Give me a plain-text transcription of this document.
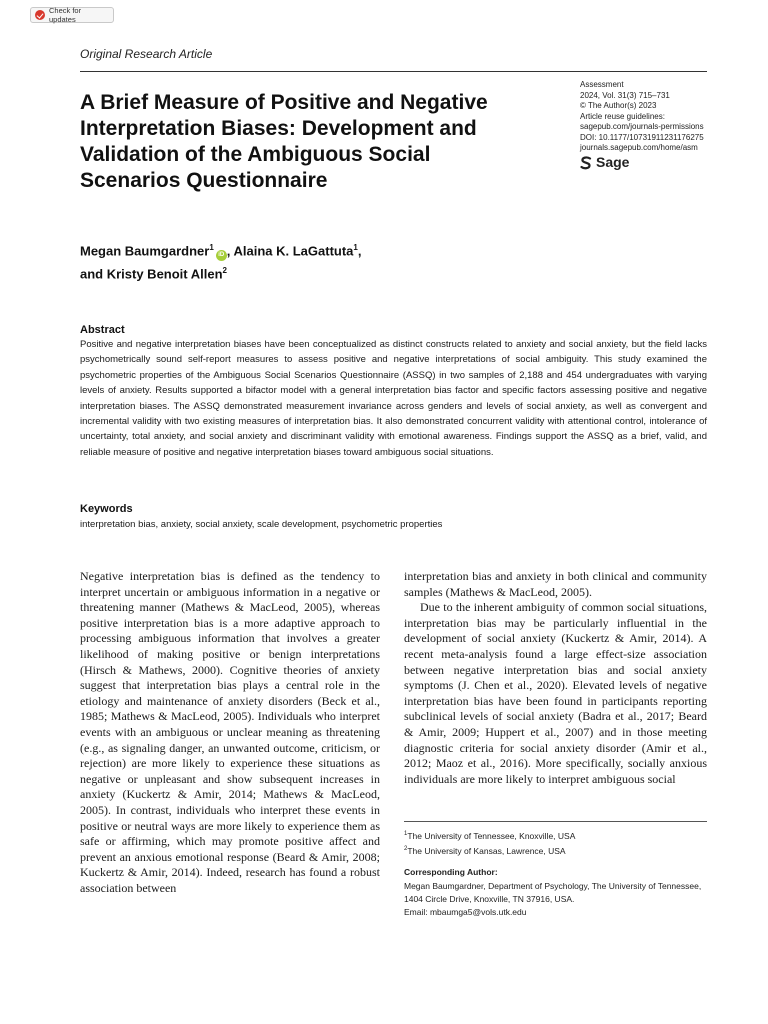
Check for updates
Original Research Article
A Brief Measure of Positive and Negative Interpretation Biases: Development and Validation of the Ambiguous Social Scenarios Questionnaire
Assessment
2024, Vol. 31(3) 715–731
© The Author(s) 2023
Article reuse guidelines:
sagepub.com/journals-permissions
DOI: 10.1177/10731911231176275
journals.sagepub.com/home/asm
Sage
Megan Baumgardner$^1$iD , Alaina K. LaGattuta$^1$,
and Kristy Benoit Allen$^2$
Abstract

Positive and negative interpretation biases have been conceptualized as distinct constructs related to anxiety and social anxiety, but the field lacks psychometrically sound self-report measures to assess positive and negative interpretations of social ambiguity. This study examined the psychometric properties of the Ambiguous Social Scenarios Questionnaire (ASSQ) in two samples of 2,188 and 454 undergraduates with varying levels of anxiety. Results supported a bifactor model with a general interpretation bias factor and specific factors assessing positive and negative interpretation biases. The ASSQ demonstrated measurement invariance across genders and levels of social anxiety, as well as convergent and incremental validity with two existing measures of interpretation bias. It also demonstrated concurrent validity with attentional control, intolerance of uncertainty, total anxiety, and social anxiety and discriminant validity with emotional awareness. Findings support the ASSQ as a brief, valid, and reliable measure of positive and negative interpretation biases toward ambiguous social situations.

Keywords
interpretation bias, anxiety, social anxiety, scale development, psychometric properties

Negative interpretation bias is defined as the tendency to interpret uncertain or ambiguous information in a negative or threatening manner (Mathews & MacLeod, 2005), whereas positive interpretation bias is a more adaptive approach to processing ambiguous information that involves a greater likelihood of making positive or benign interpretations (Hirsch & Mathews, 2000). Cognitive theories of anxiety suggest that interpretation bias plays a central role in the etiology and maintenance of anxiety disorders (Beck et al., 1985; Mathews & MacLeod, 2005). Individuals who interpret events with an ambiguous or unclear meaning as threatening (e.g., as signaling danger, an unwanted outcome, criticism, or rejection) are more likely to experience these situations as negative or unpleasant and show subsequent increases in anxiety (Kuckertz & Amir, 2014; Mathews & MacLeod, 2005). In contrast, individuals who interpret these events in positive or neutral ways are more likely to experience them as safe or affirming, which may promote positive affect and prevent an anxious emotional response (Beard & Amir, 2008; Kuckertz & Amir, 2014). Indeed, research has found a robust association between

interpretation bias and anxiety in both clinical and community samples (Mathews & MacLeod, 2005).

Due to the inherent ambiguity of common social situations, interpretation bias may be particularly influential in the development of social anxiety (Kuckertz & Amir, 2014). A recent meta-analysis found a large effect-size association between negative interpretation bias and social anxiety symptoms (J. Chen et al., 2020). Elevated levels of negative interpretation bias have been found in participants reporting subclinical levels of social anxiety (Badra et al., 2017; Beard & Amir, 2009; Huppert et al., 2007) and in those meeting diagnostic criteria for social anxiety disorder (Amir et al., 2012; Maoz et al., 2016). More specifically, socially anxious individuals are more likely to interpret ambiguous social

$^1$The University of Tennessee, Knoxville, USA
$^2$The University of Kansas, Lawrence, USA
Corresponding Author:
Megan Baumgardner, Department of Psychology, The University of Tennessee, 1404 Circle Drive, Knoxville, TN 37916, USA.
Email: mbaumga5@vols.utk.edu
